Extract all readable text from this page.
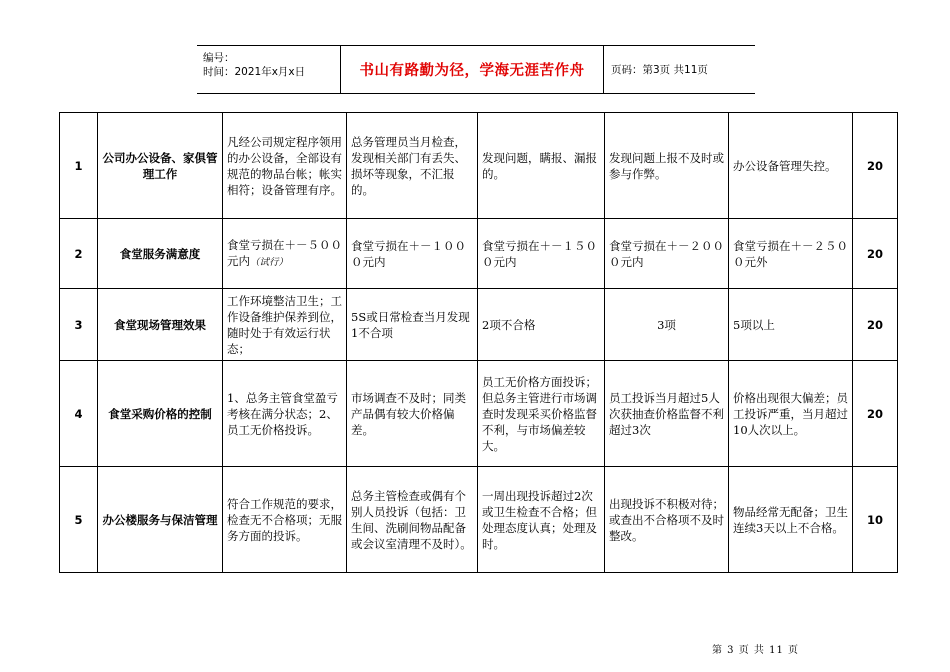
编号：
时间：2021年x月x日	书山有路勤为径，学海无涯苦作舟	页码：第3页 共11页
1	公司办公设备、家俱管理工作	凡经公司规定程序领用的办公设备，全部设有规范的物品台帐；帐实相符；设备管理有序。	总务管理员当月检查，发现相关部门有丢失、损坏等现象，不汇报的。	发现问题，瞒报、漏报的。	发现问题上报不及时或参与作弊。	办公设备管理失控。	20
2	食堂服务满意度	食堂亏损在＋－５００元内（试行）	食堂亏损在＋－１０００元内	食堂亏损在＋－１５００元内	食堂亏损在＋－２０００元内	食堂亏损在＋－２５００元外	20
3	食堂现场管理效果	工作环境整洁卫生；工作设备维护保养到位，随时处于有效运行状态；	5S或日常检查当月发现1不合项	2项不合格	3项	5项以上	20
4	食堂采购价格的控制	1、总务主管食堂盈亏考核在满分状态；2、员工无价格投诉。	市场调查不及时；同类产品偶有较大价格偏差。	员工无价格方面投诉；但总务主管进行市场调查时发现采买价格监督不利，与市场偏差较大。	员工投诉当月超过5人次获抽查价格监督不利超过3次	价格出现很大偏差；员工投诉严重，当月超过10人次以上。	20
5	办公楼服务与保洁管理	符合工作规范的要求，检查无不合格项；无服务方面的投诉。	总务主管检查或偶有个别人员投诉（包括：卫生间、洗刷间物品配备或会议室清理不及时）。	一周出现投诉超过2次或卫生检查不合格；但处理态度认真；处理及时。	出现投诉不积极对待；或查出不合格项不及时整改。	物品经常无配备；卫生连续3天以上不合格。	10
第 3 页 共 11 页
